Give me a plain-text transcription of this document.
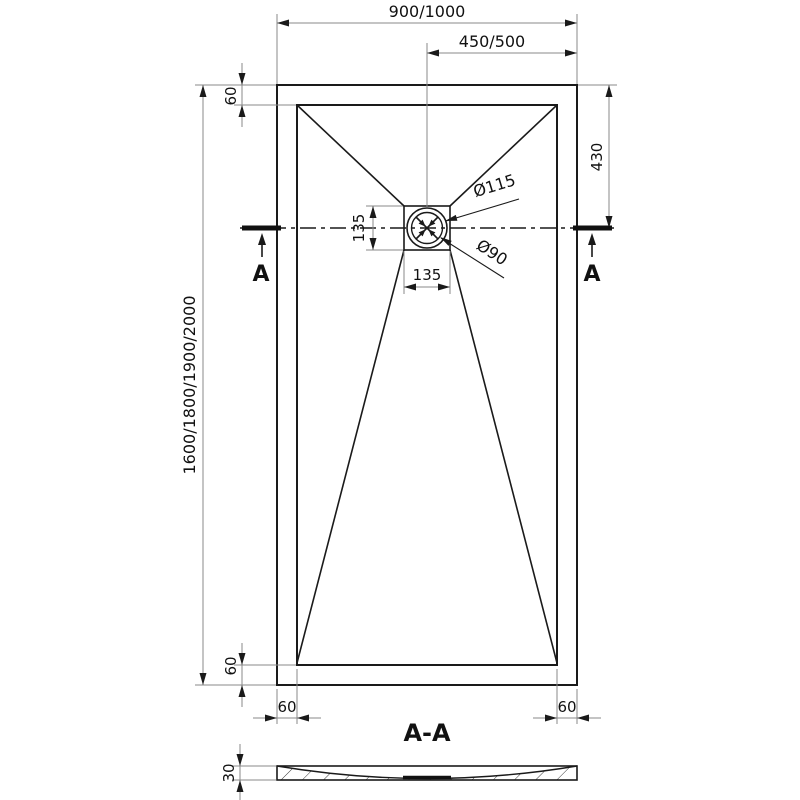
900/1000
450/500
60
1600/1800/1900/2000
430
135
135
Ø115
Ø90
60
60	60
A	A
A-A
30
